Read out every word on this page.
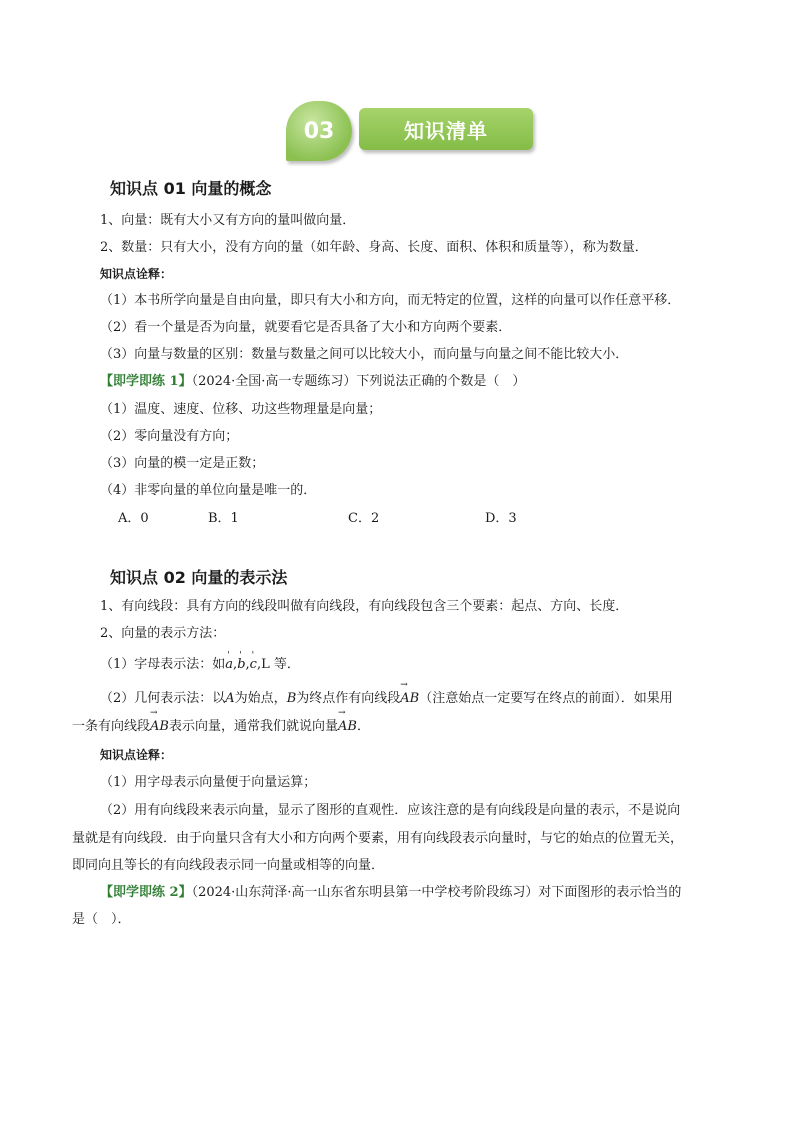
03	知识清单
知识点 01 向量的概念
1、向量：既有大小又有方向的量叫做向量．
2、数量：只有大小，没有方向的量（如年龄、身高、长度、面积、体积和质量等），称为数量．
知识点诠释：
（1）本书所学向量是自由向量，即只有大小和方向，而无特定的位置，这样的向量可以作任意平移．
（2）看一个量是否为向量，就要看它是否具备了大小和方向两个要素．
（3）向量与数量的区别：数量与数量之间可以比较大小，而向量与向量之间不能比较大小．
【即学即练 1】（2024·全国·高一专题练习）下列说法正确的个数是（　）
（1）温度、速度、位移、功这些物理量是向量；
（2）零向量没有方向；
（3）向量的模一定是正数；
（4）非零向量的单位向量是唯一的．
A．0	B．1	C．2	D．3
知识点 02 向量的表示法
1、有向线段：具有方向的线段叫做有向线段，有向线段包含三个要素：起点、方向、长度．
2、向量的表示方法：
（1）字母表示法：如' a,' b,' c,L 等．
（2）几何表示法：以A为始点，B为终点作有向线段→ AB（注意始点一定要写在终点的前面）．如果用
一条有向线段→ AB表示向量，通常我们就说向量→ AB．
知识点诠释：
（1）用字母表示向量便于向量运算；
（2）用有向线段来表示向量，显示了图形的直观性．应该注意的是有向线段是向量的表示，不是说向
量就是有向线段．由于向量只含有大小和方向两个要素，用有向线段表示向量时，与它的始点的位置无关，
即同向且等长的有向线段表示同一向量或相等的向量．
【即学即练 2】（2024·山东菏泽·高一山东省东明县第一中学校考阶段练习）对下面图形的表示恰当的
是（　）．
